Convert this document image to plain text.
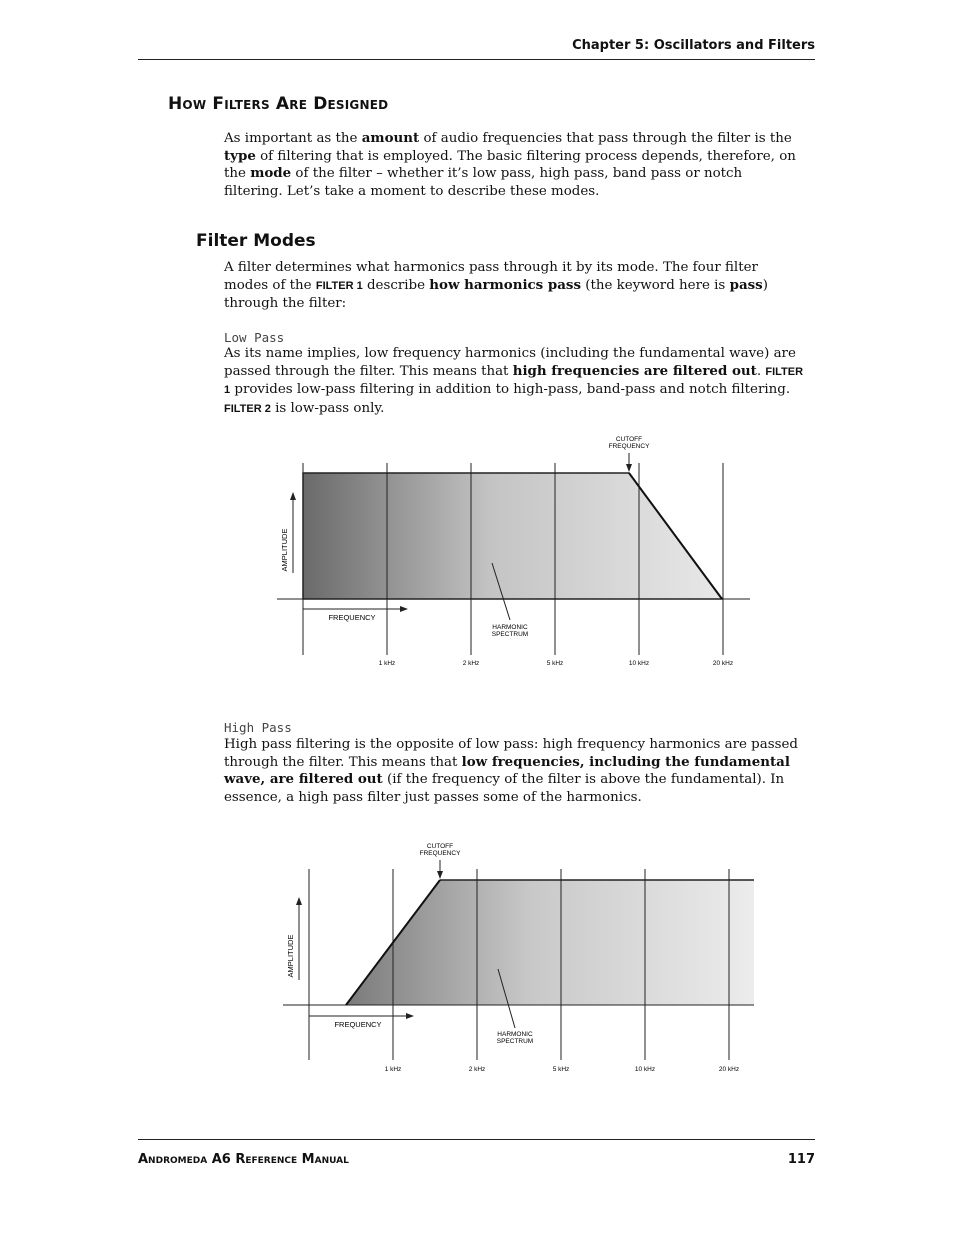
Chapter 5: Oscillators and Filters
How Filters Are Designed
As important as the amount of audio frequencies that pass through the filter is the type of filtering that is employed. The basic filtering process depends, therefore, on the mode of the filter – whether it’s low pass, high pass, band pass or notch filtering. Let’s take a moment to describe these modes.
Filter Modes
A filter determines what harmonics pass through it by its mode. The four filter modes of the FILTER 1 describe how harmonics pass (the keyword here is pass) through the filter:
Low Pass
As its name implies, low frequency harmonics (including the fundamental wave) are passed through the filter. This means that high frequencies are filtered out. FILTER 1 provides low-pass filtering in addition to high-pass, band-pass and notch filtering. FILTER 2 is low-pass only.
AMPLITUDE
FREQUENCY
CUTOFF
FREQUENCY
HARMONIC
SPECTRUM
1 kHz	2 kHz	5 kHz	10 kHz	20 kHz
High Pass
High pass filtering is the opposite of low pass: high frequency harmonics are passed through the filter. This means that low frequencies, including the fundamental wave, are filtered out (if the frequency of the filter is above the fundamental). In essence, a high pass filter just passes some of the harmonics.
AMPLITUDE
FREQUENCY
CUTOFF
FREQUENCY
HARMONIC
SPECTRUM
1 kHz	2 kHz	5 kHz	10 kHz	20 kHz
Andromeda A6 Reference Manual	117
